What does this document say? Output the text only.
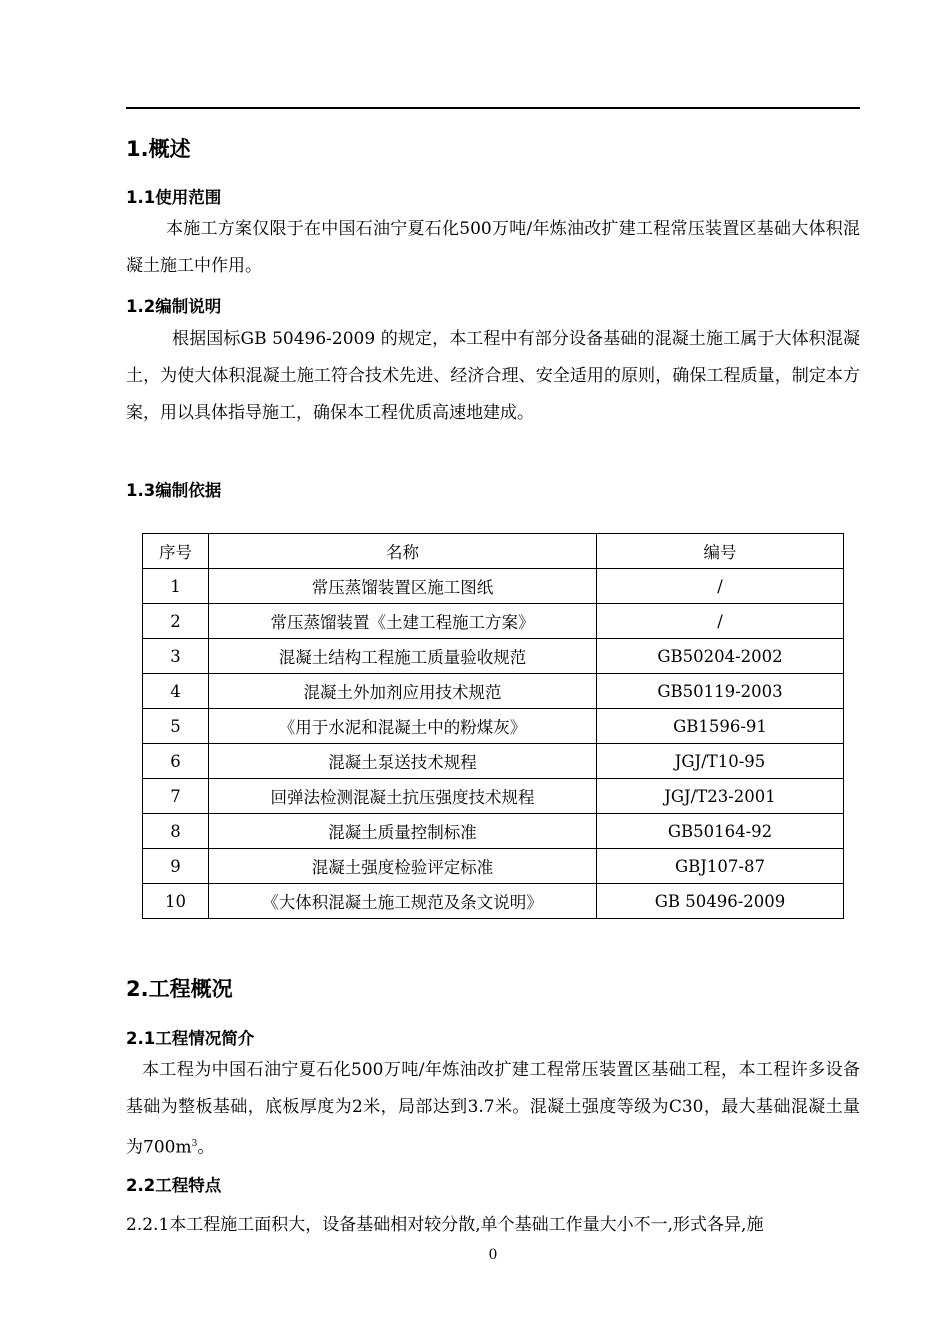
1.概述
1.1使用范围
本施工方案仅限于在中国石油宁夏石化500万吨/年炼油改扩建工程常压装置区基础大体积混凝土施工中作用。
1.2编制说明
根据国标GB 50496-2009 的规定，本工程中有部分设备基础的混凝土施工属于大体积混凝土，为使大体积混凝土施工符合技术先进、经济合理、安全适用的原则，确保工程质量，制定本方案，用以具体指导施工，确保本工程优质高速地建成。
1.3编制依据
序号	名称	编号
1	常压蒸馏装置区施工图纸	/
2	常压蒸馏装置《土建工程施工方案》	/
3	混凝土结构工程施工质量验收规范	GB50204-2002
4	混凝土外加剂应用技术规范	GB50119-2003
5	《用于水泥和混凝土中的粉煤灰》	GB1596-91
6	混凝土泵送技术规程	JGJ/T10-95
7	回弹法检测混凝土抗压强度技术规程	JGJ/T23-2001
8	混凝土质量控制标准	GB50164-92
9	混凝土强度检验评定标准	GBJ107-87
10	《大体积混凝土施工规范及条文说明》	GB 50496-2009
2.工程概况
2.1工程情况简介
本工程为中国石油宁夏石化500万吨/年炼油改扩建工程常压装置区基础工程，本工程许多设备基础为整板基础，底板厚度为2米，局部达到3.7米。混凝土强度等级为C30，最大基础混凝土量为$700m^3$。
2.2工程特点
2.2.1本工程施工面积大，设备基础相对较分散,单个基础工作量大小不一,形式各异,施
0
